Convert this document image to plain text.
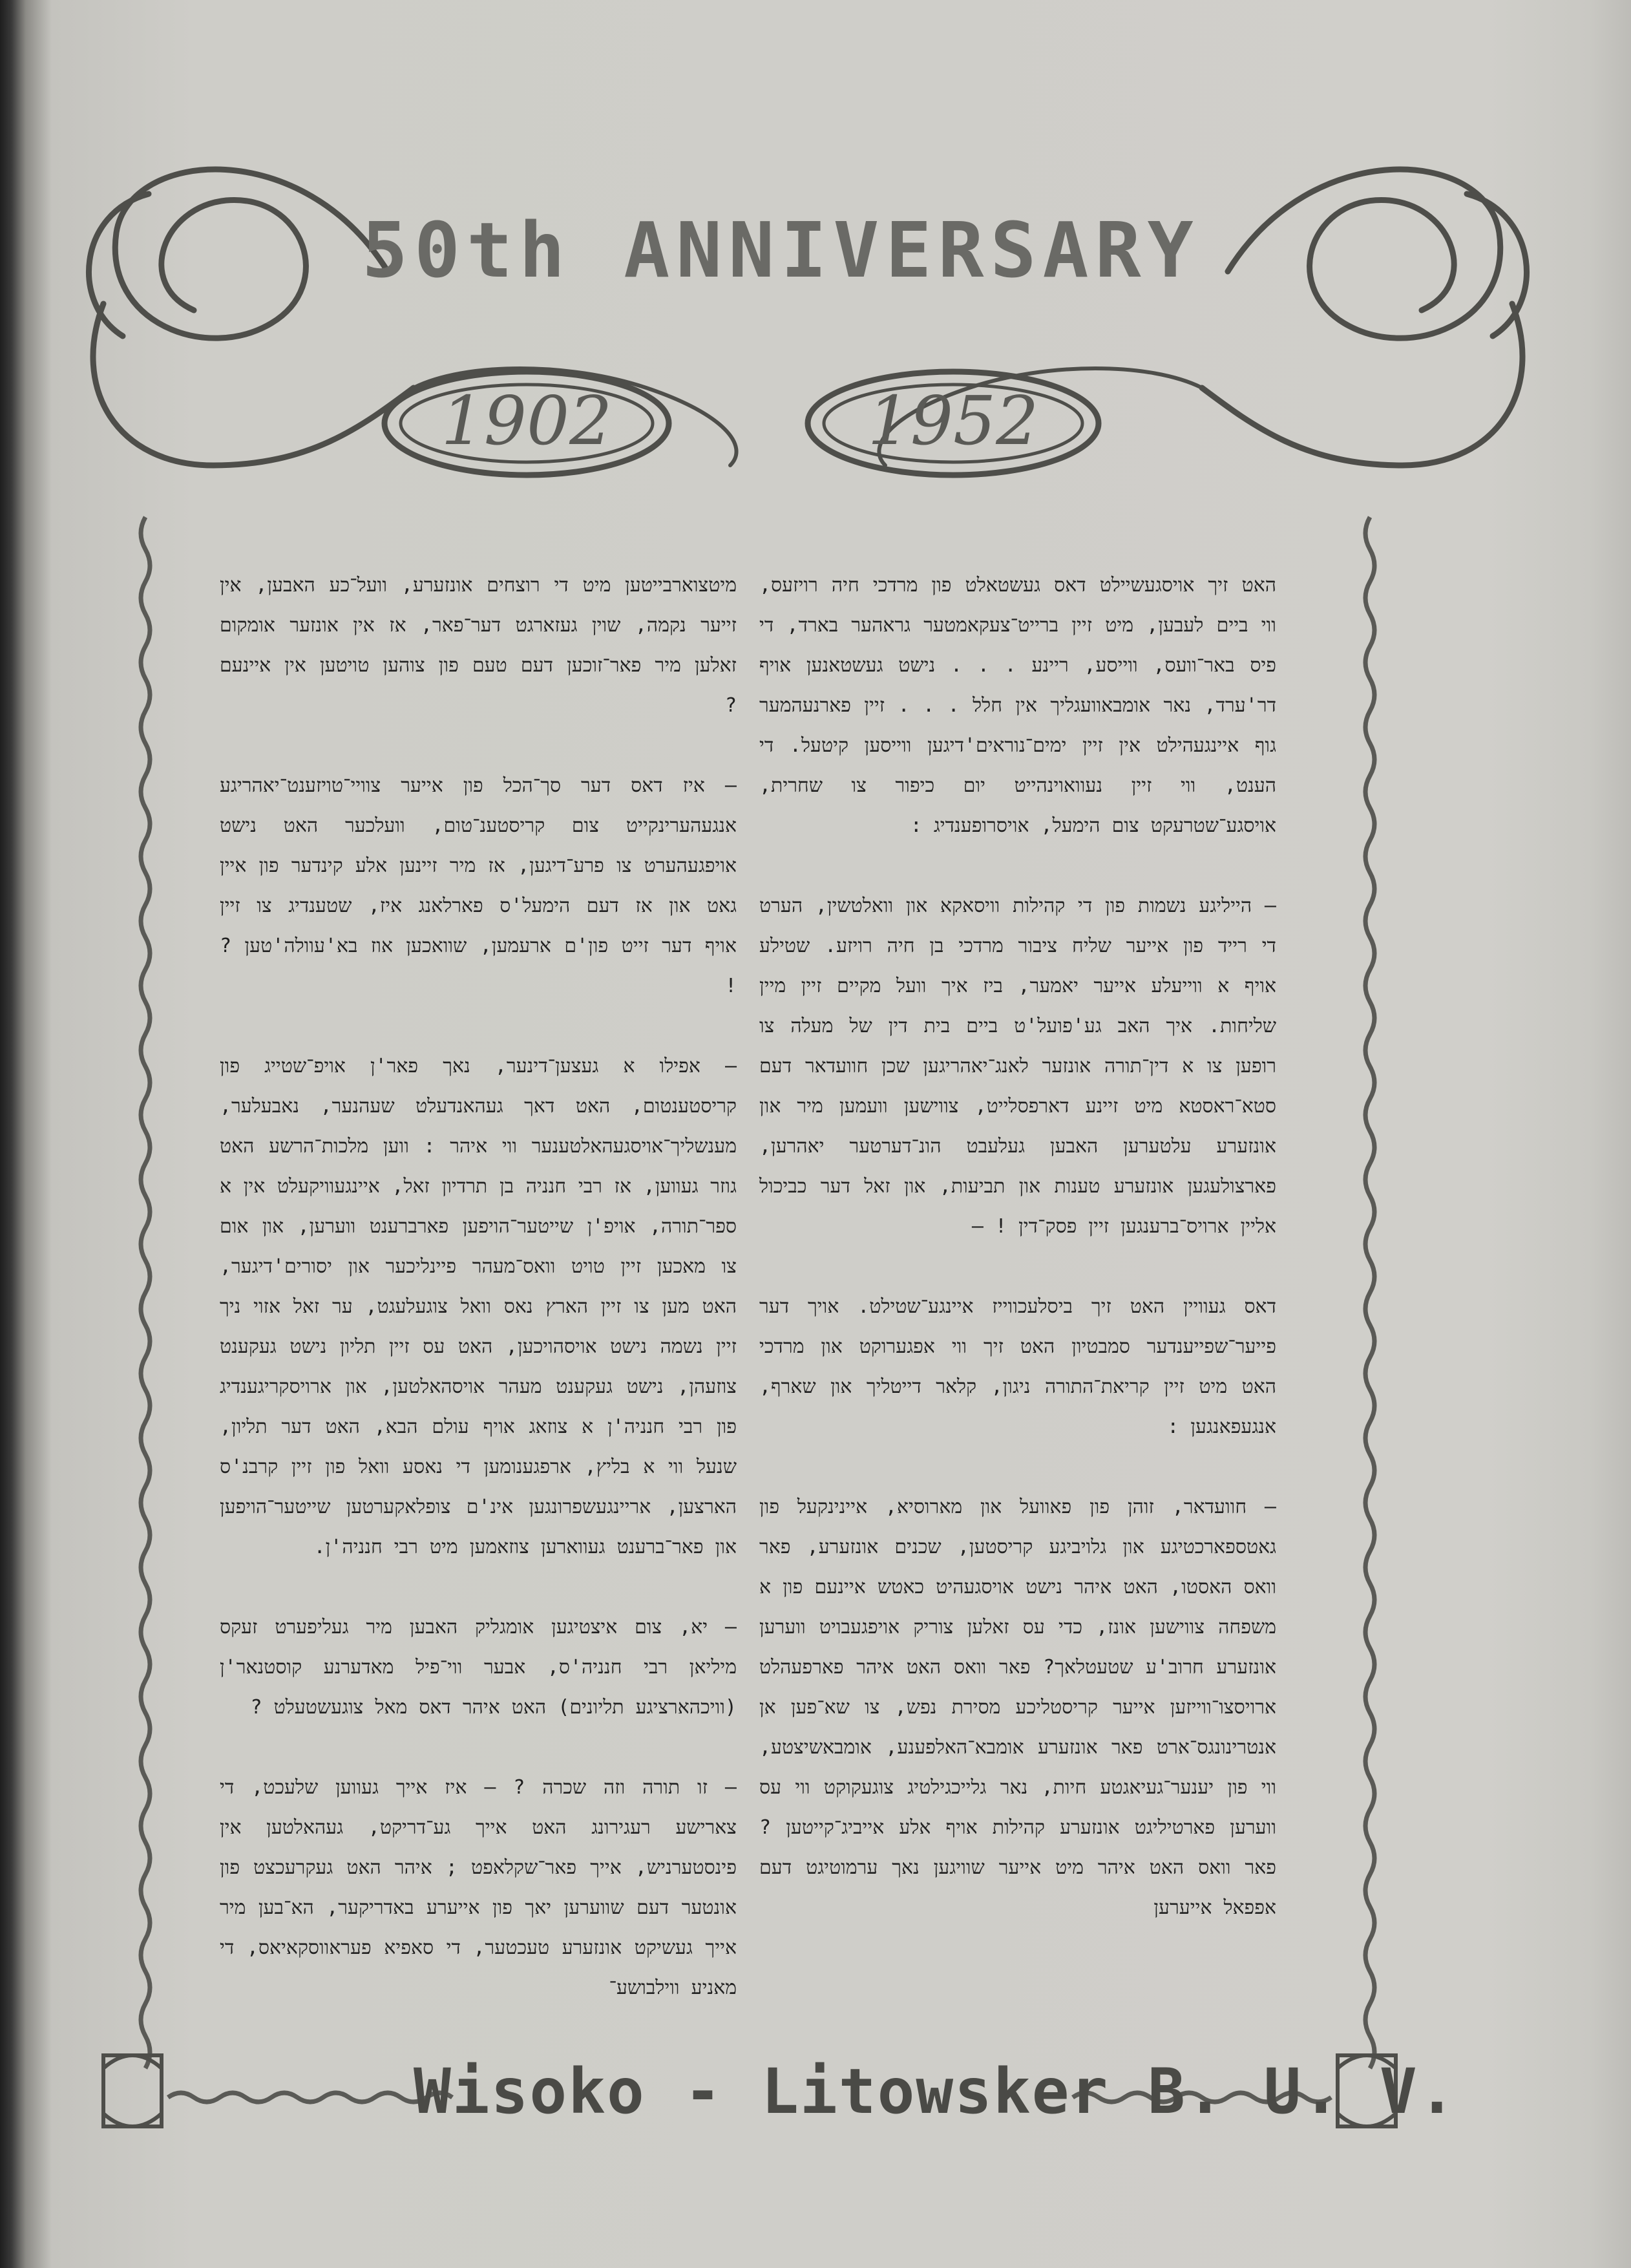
50th ANNIVERSARY
1902	1952

האט זיך אויסגעשיילט דאס געשטאלט פון מרדכי חיה רויזעס, ווי ביים לעבען, מיט זיין ברייט־צעקאמטער גראהער בארד, די פיס באר־וועס, ווייסע, ריינע . . . נישט געשטאנען אויף דר'ערד, נאר אומבאוועגליך אין חלל . . . זיין פארנעהמער גוף איינגעהילט אין זיין ימים־נוראים'דיגען ווייסען קיטעל. די הענט, ווי זיין נעוואוינהייט יום כיפור צו שחרית, אויסגע־שטרעקט צום הימעל, אויסרופענדיג :

— הייליגע נשמות פון די קהילות וויסאקא און וואלטשין, הערט די רייד פון אייער שליח ציבור מרדכי בן חיה רויזע. שטילע אויף א ווייעלע אייער יאמער, ביז איך וועל מקיים זיין מיין שליחות. איך האב גע'פועל'ט ביים בית דין של מעלה צו רופען צו א דין־תורה אונזער לאנג־יאהריגען שכן חוועדאר דעם סטא־ראסטא מיט זיינע דארפסלייט, צווישען וועמען מיר און אונזערע עלטערען האבען געלעבט הונ־דערטער יאהרען, פארצולעגען אונזערע טענות און תביעות, און זאל דער כביכול אליין ארויס־ברענגען זיין פסק־דין ! —

דאס געוויין האט זיך ביסלעכווייז איינגע־שטילט. אויך דער פייער־שפייענדער סמבטיון האט זיך ווי אפגערוקט און מרדכי האט מיט זיין קריאת־התורה ניגון, קלאר דייטליך און שארף, אנגעפאנגען :

— חוועדאר, זוהן פון פאוועל און מארוסיא, איינינקעל פון גאטספארכטיגע און גלויביגע קריסטען, שכנים אונזערע, פאר וואס האסטו, האט איהר נישט אויסגעהיט כאטש איינעם פון א משפחה צווישען אונז, כדי עס זאלען צוריק אויפגעבויט ווערען אונזערע חרוב'ע שטעטלאך? פאר וואס האט איהר פארפעהלט ארויסצו־ווייזען אייער קריסטליכע מסירת נפש, צו שא־פען אן אנטרינונגס־ארט פאר אונזערע אומבא־האלפענע, אומבאשיצטע, ווי פון יענער־געיאגטע חיות, נאר גלייכגילטיג צוגעקוקט ווי עס ווערען פארטיליגט אונזערע קהילות אויף אלע אייביג־קייטען ? פאר וואס האט איהר מיט אייער שוויגען נאך ערמוטיגט דעם אפפאל אייערען

מיטצוארבייטען מיט די רוצחים אונזערע, וועל־כע האבען, אין זייער נקמה, שוין געזארגט דער־פאר, אז אין אונזער אומקום זאלען מיר פאר־זוכען דעם טעם פון צוהען טויטען אין איינעם ?

— איז דאס דער סך־הכל פון אייער צוויי־טויזענט־יאהריגע אנגעהערינקייט צום קריסטענ־טום, וועלכער האט נישט אויפגעהערט צו פרע־דיגען, אז מיר זיינען אלע קינדער פון איין גאט און אז דעם הימעל'ס פארלאנג איז, שטענדיג צו זיין אויף דער זייט פון'ם ארעמען, שוואכען אוז בא'עוולה'טען ? !

— אפילו א געצען־דינער, נאך פאר'ן אויפ־שטייג פון קריסטענטום, האט דאך געהאנדעלט שעהנער, נאבעלער, מענשליך־אויסגעהאלטענער ווי איהר : ווען מלכות־הרשע האט גוזר געווען, אז רבי חנניה בן תרדיון זאל, איינגעוויקעלט אין א ספר־תורה, אויפ'ן שייטער־הויפען פארברענט ווערען, און אום צו מאכען זיין טויט וואס־מעהר פיינליכער און יסורים'דיגער, האט מען צו זיין הארץ נאס וואל צוגעלעגט, ער זאל אזוי ניך זיין נשמה נישט אויסהויכען, האט עס זיין תליון נישט געקענט צוזעהן, נישט געקענט מעהר אויסהאלטען, און ארויסקריגענדיג פון רבי חנניה'ן א צוזאג אויף עולם הבא, האט דער תליון, שנעל ווי א בליץ, ארפגענומען די נאסע וואל פון זיין קרבנ'ס הארצען, אריינגעשפרונגען אינ'ם צופלאקערטען שייטער־הויפען און פאר־ברענט געווארען צוזאמען מיט רבי חנניה'ן.

— יא, צום איצטיגען אומגליק האבען מיר געליפערט זעקס מיליאן רבי חנניה'ס, אבער ווי־פיל מאדערנע קוסטנאר'ן (וויכהארציגע תליונים) האט איהר דאס מאל צוגעשטעלט ?

— זו תורה וזה שכרה ? — איז אייך געווען שלעכט, די צארישע רעגירונג האט אייך גע־דריקט, געהאלטען אין פינסטערניש, אייך פאר־שקלאפט ; איהר האט געקרעכצט פון אונטער דעם שווערען יאך פון אייערע באדריקער, הא־בען מיר אייך געשיקט אונזערע טעכטער, די סאפיא פעראווסקאיאס, די מאניע ווילבושע־

Wisoko - Litowsker B. U. V.
